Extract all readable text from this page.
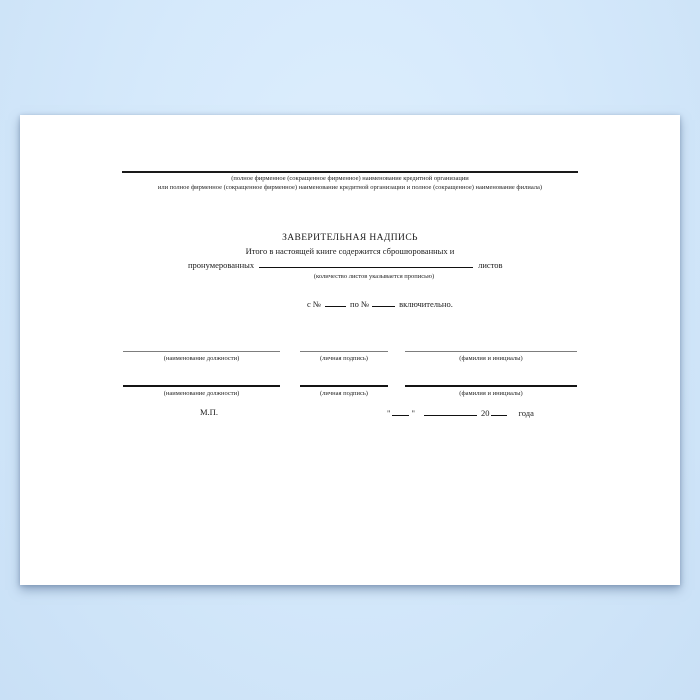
(полное фирменное (сокращенное фирменное) наименование кредитной организации
или полное фирменное (сокращенное фирменное) наименование кредитной организации и полное (сокращенное) наименование филиала)
ЗАВЕРИТЕЛЬНАЯ НАДПИСЬ
Итого в настоящей книге содержится сброшюрованных и
пронумерованных	листов
(количество листов указывается прописью)
с №	по №	включительно.
(наименование должности)	(личная подпись)	(фамилия и инициалы)
(наименование должности)	(личная подпись)	(фамилия и инициалы)
М.П.	" "	20	года
